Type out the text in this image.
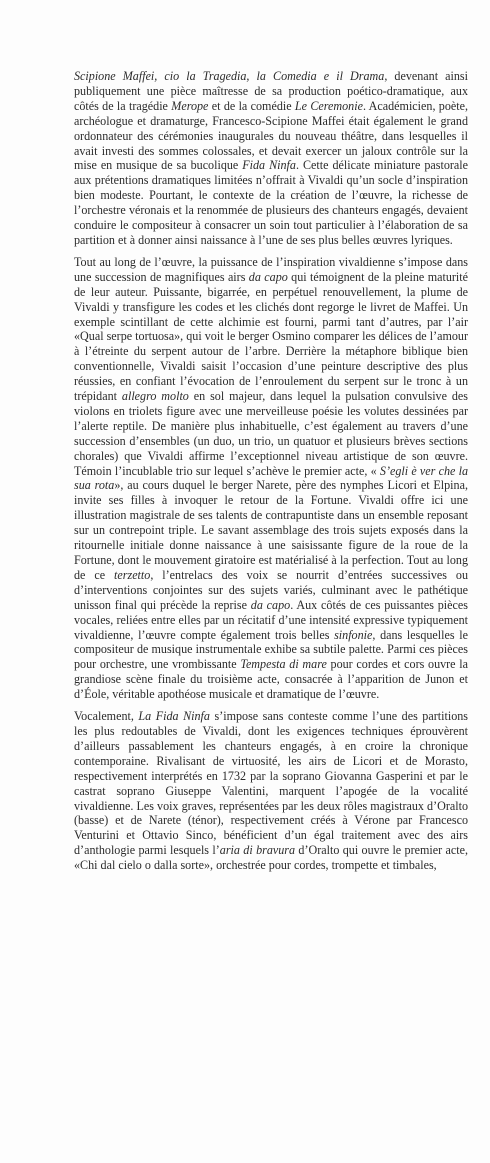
Scipione Maffei, cio la Tragedia, la Comedia e il Drama, devenant ainsi publiquement une pièce maîtresse de sa production poético-dramatique, aux côtés de la tragédie Merope et de la comédie Le Ceremonie. Académicien, poète, archéologue et dramaturge, Francesco-Scipione Maffei était également le grand ordonnateur des cérémonies inaugurales du nouveau théâtre, dans lesquelles il avait investi des sommes colossales, et devait exercer un jaloux contrôle sur la mise en musique de sa bucolique Fida Ninfa. Cette délicate miniature pastorale aux prétentions dramatiques limitées n’offrait à Vivaldi qu’un socle d’inspiration bien modeste. Pourtant, le contexte de la création de l’œuvre, la richesse de l’orchestre véronais et la renommée de plusieurs des chanteurs engagés, devaient conduire le compositeur à consacrer un soin tout particulier à l’élaboration de sa partition et à donner ainsi naissance à l’une de ses plus belles œuvres lyriques.

Tout au long de l’œuvre, la puissance de l’inspiration vivaldienne s’impose dans une succession de magnifiques airs da capo qui témoignent de la pleine maturité de leur auteur. Puissante, bigarrée, en perpétuel renouvellement, la plume de Vivaldi y transfigure les codes et les clichés dont regorge le livret de Maffei. Un exemple scintillant de cette alchimie est fourni, parmi tant d’autres, par l’air «Qual serpe tortuosa», qui voit le berger Osmino comparer les délices de l’amour à l’étreinte du serpent autour de l’arbre. Derrière la métaphore biblique bien conventionnelle, Vivaldi saisit l’occasion d’une peinture descriptive des plus réussies, en confiant l’évocation de l’enroulement du serpent sur le tronc à un trépidant allegro molto en sol majeur, dans lequel la pulsation convulsive des violons en triolets figure avec une merveilleuse poésie les volutes dessinées par l’alerte reptile. De manière plus inhabituelle, c’est également au travers d’une succession d’ensembles (un duo, un trio, un quatuor et plusieurs brèves sections chorales) que Vivaldi affirme l’exceptionnel niveau artistique de son œuvre. Témoin l’incublable trio sur lequel s’achève le premier acte, « S’egli è ver che la sua rota», au cours duquel le berger Narete, père des nymphes Licori et Elpina, invite ses filles à invoquer le retour de la Fortune. Vivaldi offre ici une illustration magistrale de ses talents de contrapuntiste dans un ensemble reposant sur un contrepoint triple. Le savant assemblage des trois sujets exposés dans la ritournelle initiale donne naissance à une saisissante figure de la roue de la Fortune, dont le mouvement giratoire est matérialisé à la perfection. Tout au long de ce terzetto, l’entrelacs des voix se nourrit d’entrées successives ou d’interventions conjointes sur des sujets variés, culminant avec le pathétique unisson final qui précède la reprise da capo. Aux côtés de ces puissantes pièces vocales, reliées entre elles par un récitatif d’une intensité expressive typiquement vivaldienne, l’œuvre compte également trois belles sinfonie, dans lesquelles le compositeur de musique instrumentale exhibe sa subtile palette. Parmi ces pièces pour orchestre, une vrombissante Tempesta di mare pour cordes et cors ouvre la grandiose scène finale du troisième acte, consacrée à l’apparition de Junon et d’Éole, véritable apothéose musicale et dramatique de l’œuvre.

Vocalement, La Fida Ninfa s’impose sans conteste comme l’une des partitions les plus redoutables de Vivaldi, dont les exigences techniques éprouvèrent d’ailleurs passablement les chanteurs engagés, à en croire la chronique contemporaine. Rivalisant de virtuosité, les airs de Licori et de Morasto, respectivement interprétés en 1732 par la soprano Giovanna Gasperini et par le castrat soprano Giuseppe Valentini, marquent l’apogée de la vocalité vivaldienne. Les voix graves, représentées par les deux rôles magistraux d’Oralto (basse) et de Narete (ténor), respectivement créés à Vérone par Francesco Venturini et Ottavio Sinco, bénéficient d’un égal traitement avec des airs d’anthologie parmi lesquels l’aria di bravura d’Oralto qui ouvre le premier acte, «Chi dal cielo o dalla sorte», orchestrée pour cordes, trompette et timbales,
